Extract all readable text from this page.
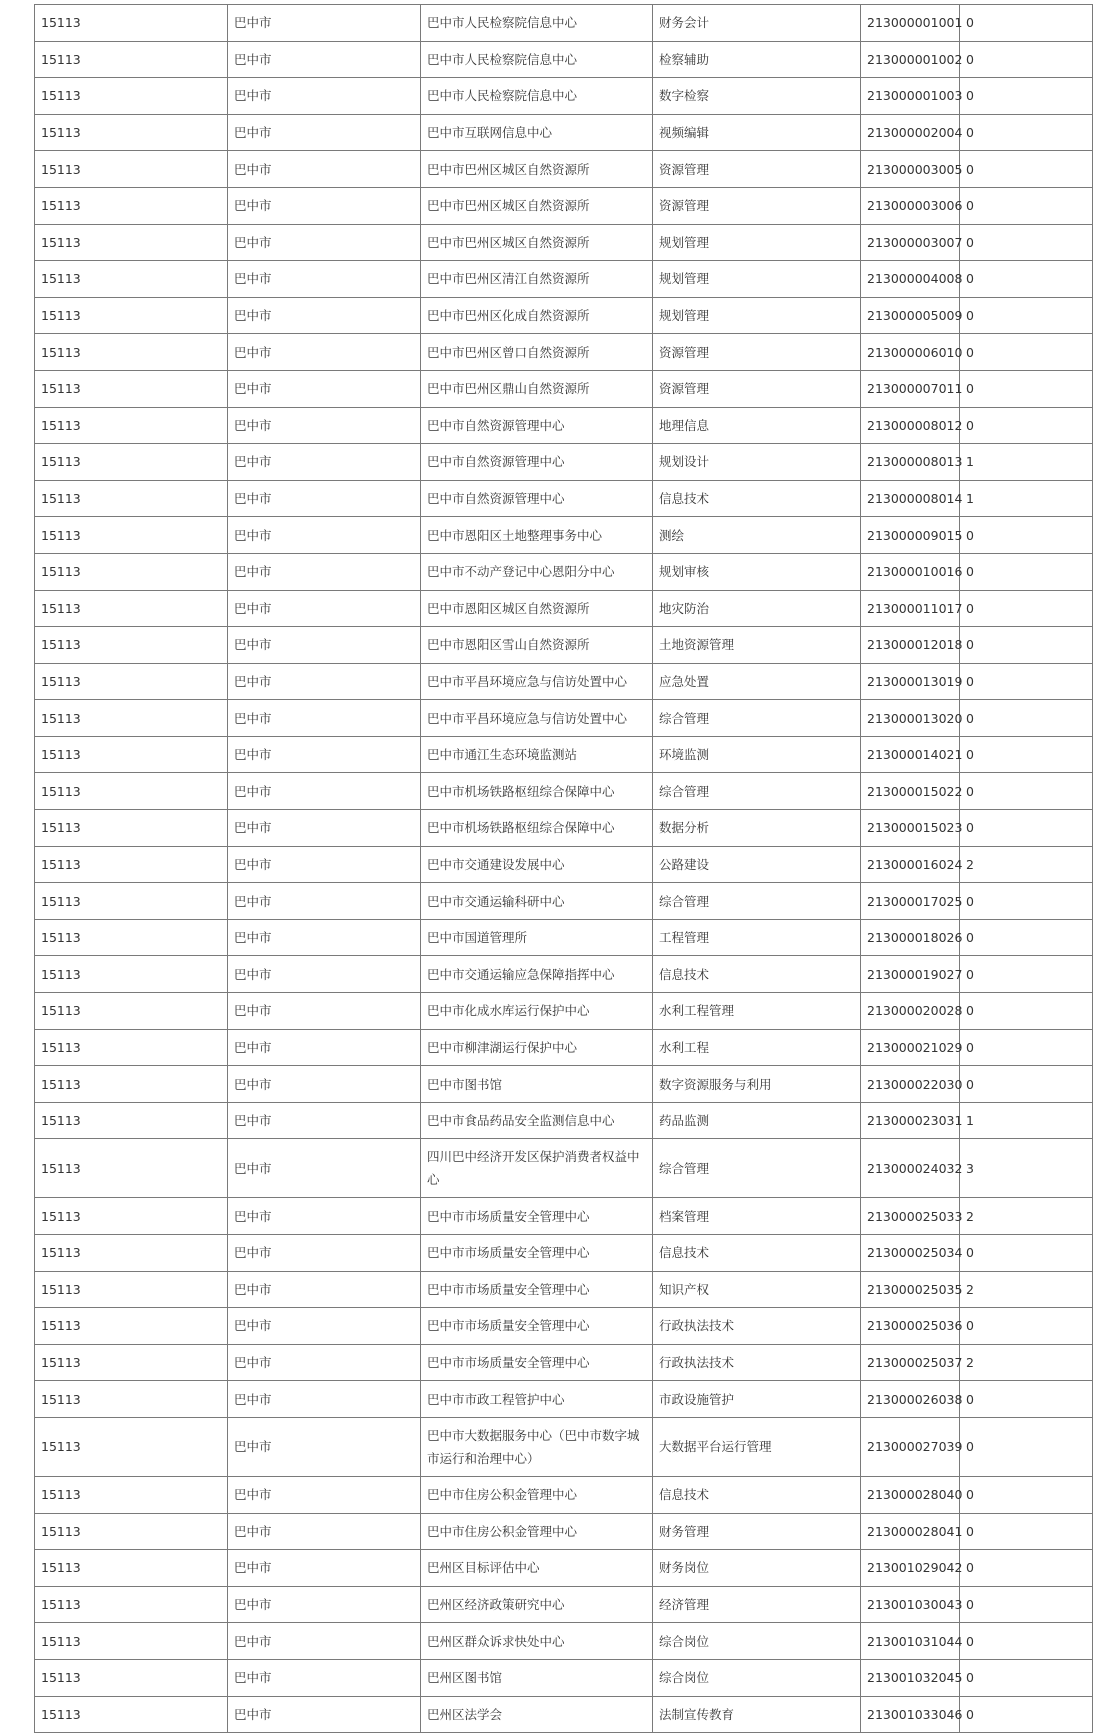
15113	巴中市	巴中市人民检察院信息中心	财务会计	213000001001	0
15113	巴中市	巴中市人民检察院信息中心	检察辅助	213000001002	0
15113	巴中市	巴中市人民检察院信息中心	数字检察	213000001003	0
15113	巴中市	巴中市互联网信息中心	视频编辑	213000002004	0
15113	巴中市	巴中市巴州区城区自然资源所	资源管理	213000003005	0
15113	巴中市	巴中市巴州区城区自然资源所	资源管理	213000003006	0
15113	巴中市	巴中市巴州区城区自然资源所	规划管理	213000003007	0
15113	巴中市	巴中市巴州区清江自然资源所	规划管理	213000004008	0
15113	巴中市	巴中市巴州区化成自然资源所	规划管理	213000005009	0
15113	巴中市	巴中市巴州区曾口自然资源所	资源管理	213000006010	0
15113	巴中市	巴中市巴州区鼎山自然资源所	资源管理	213000007011	0
15113	巴中市	巴中市自然资源管理中心	地理信息	213000008012	0
15113	巴中市	巴中市自然资源管理中心	规划设计	213000008013	1
15113	巴中市	巴中市自然资源管理中心	信息技术	213000008014	1
15113	巴中市	巴中市恩阳区土地整理事务中心	测绘	213000009015	0
15113	巴中市	巴中市不动产登记中心恩阳分中心	规划审核	213000010016	0
15113	巴中市	巴中市恩阳区城区自然资源所	地灾防治	213000011017	0
15113	巴中市	巴中市恩阳区雪山自然资源所	土地资源管理	213000012018	0
15113	巴中市	巴中市平昌环境应急与信访处置中心	应急处置	213000013019	0
15113	巴中市	巴中市平昌环境应急与信访处置中心	综合管理	213000013020	0
15113	巴中市	巴中市通江生态环境监测站	环境监测	213000014021	0
15113	巴中市	巴中市机场铁路枢纽综合保障中心	综合管理	213000015022	0
15113	巴中市	巴中市机场铁路枢纽综合保障中心	数据分析	213000015023	0
15113	巴中市	巴中市交通建设发展中心	公路建设	213000016024	2
15113	巴中市	巴中市交通运输科研中心	综合管理	213000017025	0
15113	巴中市	巴中市国道管理所	工程管理	213000018026	0
15113	巴中市	巴中市交通运输应急保障指挥中心	信息技术	213000019027	0
15113	巴中市	巴中市化成水库运行保护中心	水利工程管理	213000020028	0
15113	巴中市	巴中市柳津湖运行保护中心	水利工程	213000021029	0
15113	巴中市	巴中市图书馆	数字资源服务与利用	213000022030	0
15113	巴中市	巴中市食品药品安全监测信息中心	药品监测	213000023031	1
15113	巴中市	四川巴中经济开发区保护消费者权益中心	综合管理	213000024032	3
15113	巴中市	巴中市市场质量安全管理中心	档案管理	213000025033	2
15113	巴中市	巴中市市场质量安全管理中心	信息技术	213000025034	0
15113	巴中市	巴中市市场质量安全管理中心	知识产权	213000025035	2
15113	巴中市	巴中市市场质量安全管理中心	行政执法技术	213000025036	0
15113	巴中市	巴中市市场质量安全管理中心	行政执法技术	213000025037	2
15113	巴中市	巴中市市政工程管护中心	市政设施管护	213000026038	0
15113	巴中市	巴中市大数据服务中心（巴中市数字城市运行和治理中心）	大数据平台运行管理	213000027039	0
15113	巴中市	巴中市住房公积金管理中心	信息技术	213000028040	0
15113	巴中市	巴中市住房公积金管理中心	财务管理	213000028041	0
15113	巴中市	巴州区目标评估中心	财务岗位	213001029042	0
15113	巴中市	巴州区经济政策研究中心	经济管理	213001030043	0
15113	巴中市	巴州区群众诉求快处中心	综合岗位	213001031044	0
15113	巴中市	巴州区图书馆	综合岗位	213001032045	0
15113	巴中市	巴州区法学会	法制宣传教育	213001033046	0
